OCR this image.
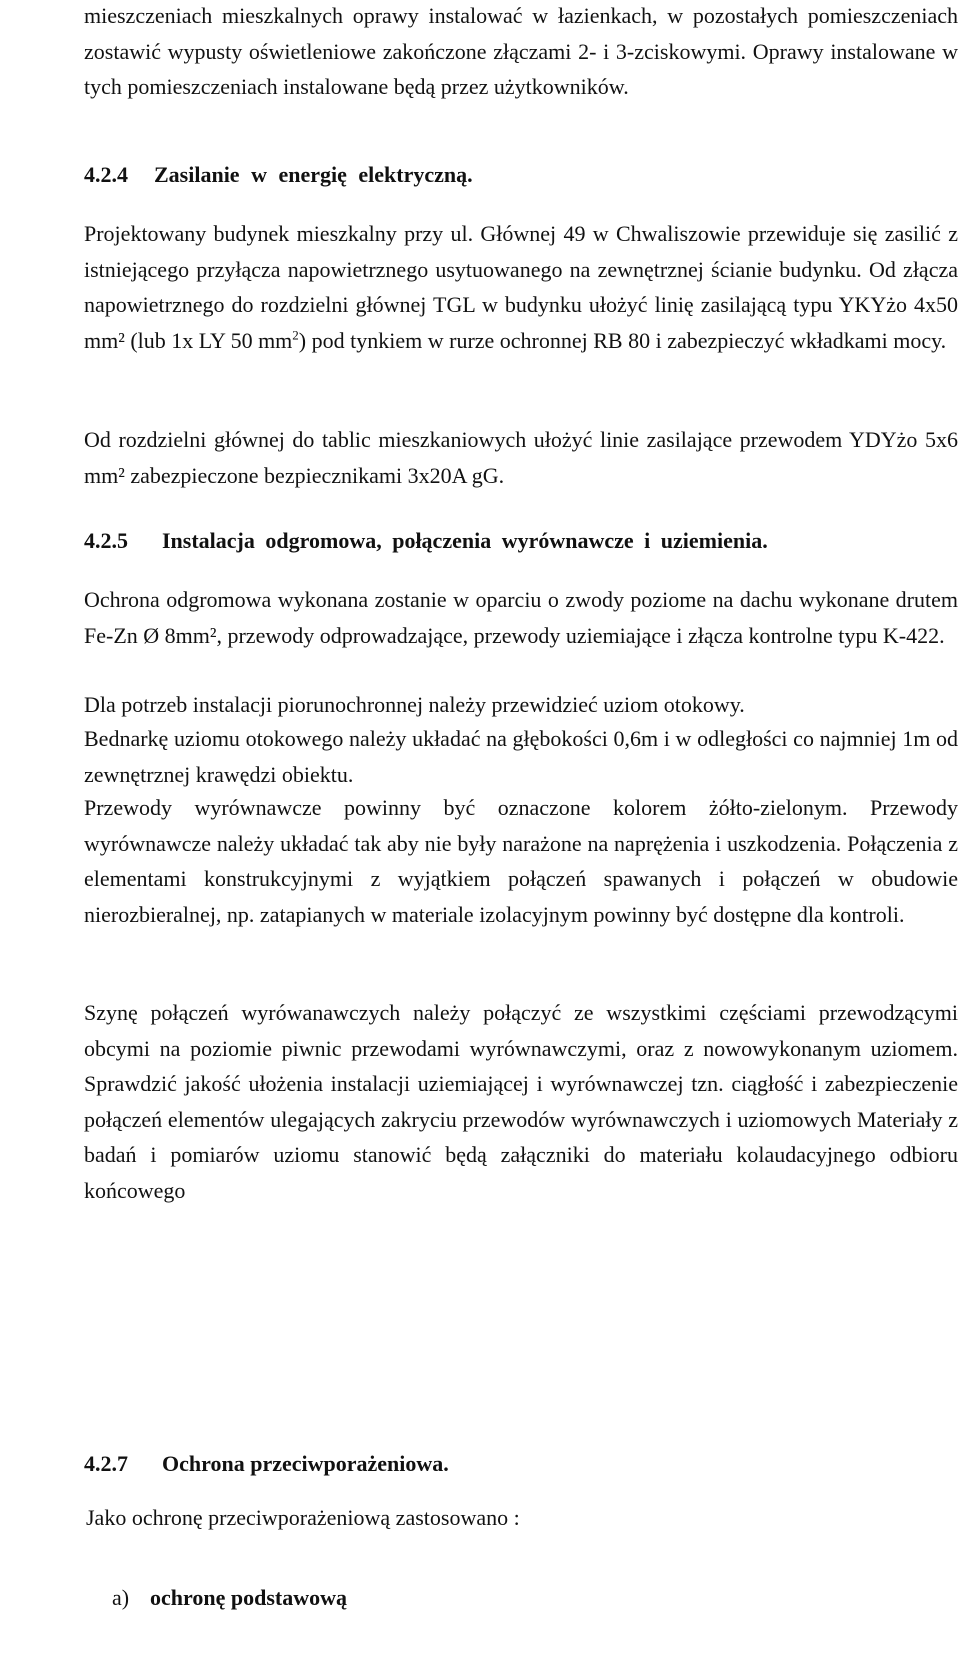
mieszczeniach mieszkalnych oprawy instalować w łazienkach, w pozostałych pomieszczeniach zostawić wypusty oświetleniowe zakończone złączami 2- i 3-zciskowymi. Oprawy instalowane w tych pomieszczeniach instalowane będą przez użytkowników.

4.2.4 Zasilanie w energię elektryczną.

Projektowany budynek mieszkalny przy ul. Głównej 49 w Chwaliszowie przewiduje się zasilić z istniejącego przyłącza napowietrznego usytuowanego na zewnętrznej ścianie budynku. Od złącza napowietrznego do rozdzielni głównej TGL w budynku ułożyć linię zasilającą typu YKYżo 4x50 mm² (lub 1x LY 50 $mm^2$) pod tynkiem w rurze ochronnej RB 80 i zabezpieczyć wkładkami mocy.

Od rozdzielni głównej do tablic mieszkaniowych ułożyć linie zasilające przewodem YDYżo 5x6 mm² zabezpieczone bezpiecznikami 3x20A gG.

4.2.5 Instalacja odgromowa, połączenia wyrównawcze i uziemienia.

Ochrona odgromowa wykonana zostanie w oparciu o zwody poziome na dachu wykonane drutem Fe-Zn Ø 8mm², przewody odprowadzające, przewody uziemiające i złącza kontrolne typu K-422.

Dla potrzeb instalacji piorunochronnej należy przewidzieć uziom otokowy.

Bednarkę uziomu otokowego należy układać na głębokości 0,6m i w odległości co najmniej 1m od zewnętrznej krawędzi obiektu.

Przewody wyrównawcze powinny być oznaczone kolorem żółto-zielonym. Przewody wyrównawcze należy układać tak aby nie były narażone na naprężenia i uszkodzenia. Połączenia z elementami konstrukcyjnymi z wyjątkiem połączeń spawanych i połączeń w obudowie nierozbieralnej, np. zatapianych w materiale izolacyjnym powinny być dostępne dla kontroli.

Szynę połączeń wyrówanawczych należy połączyć ze wszystkimi częściami przewodzącymi obcymi na poziomie piwnic przewodami wyrównawczymi, oraz z nowowykonanym uziomem. Sprawdzić jakość ułożenia instalacji uziemiającej i wyrównawczej tzn. ciągłość i zabezpieczenie połączeń elementów ulegających zakryciu przewodów wyrównawczych i uziomowych Materiały z badań i pomiarów uziomu stanowić będą załączniki do materiału kolaudacyjnego odbioru końcowego

4.2.7 Ochrona przeciwporażeniowa.

Jako ochronę przeciwporażeniową zastosowano :

a) ochronę podstawową
